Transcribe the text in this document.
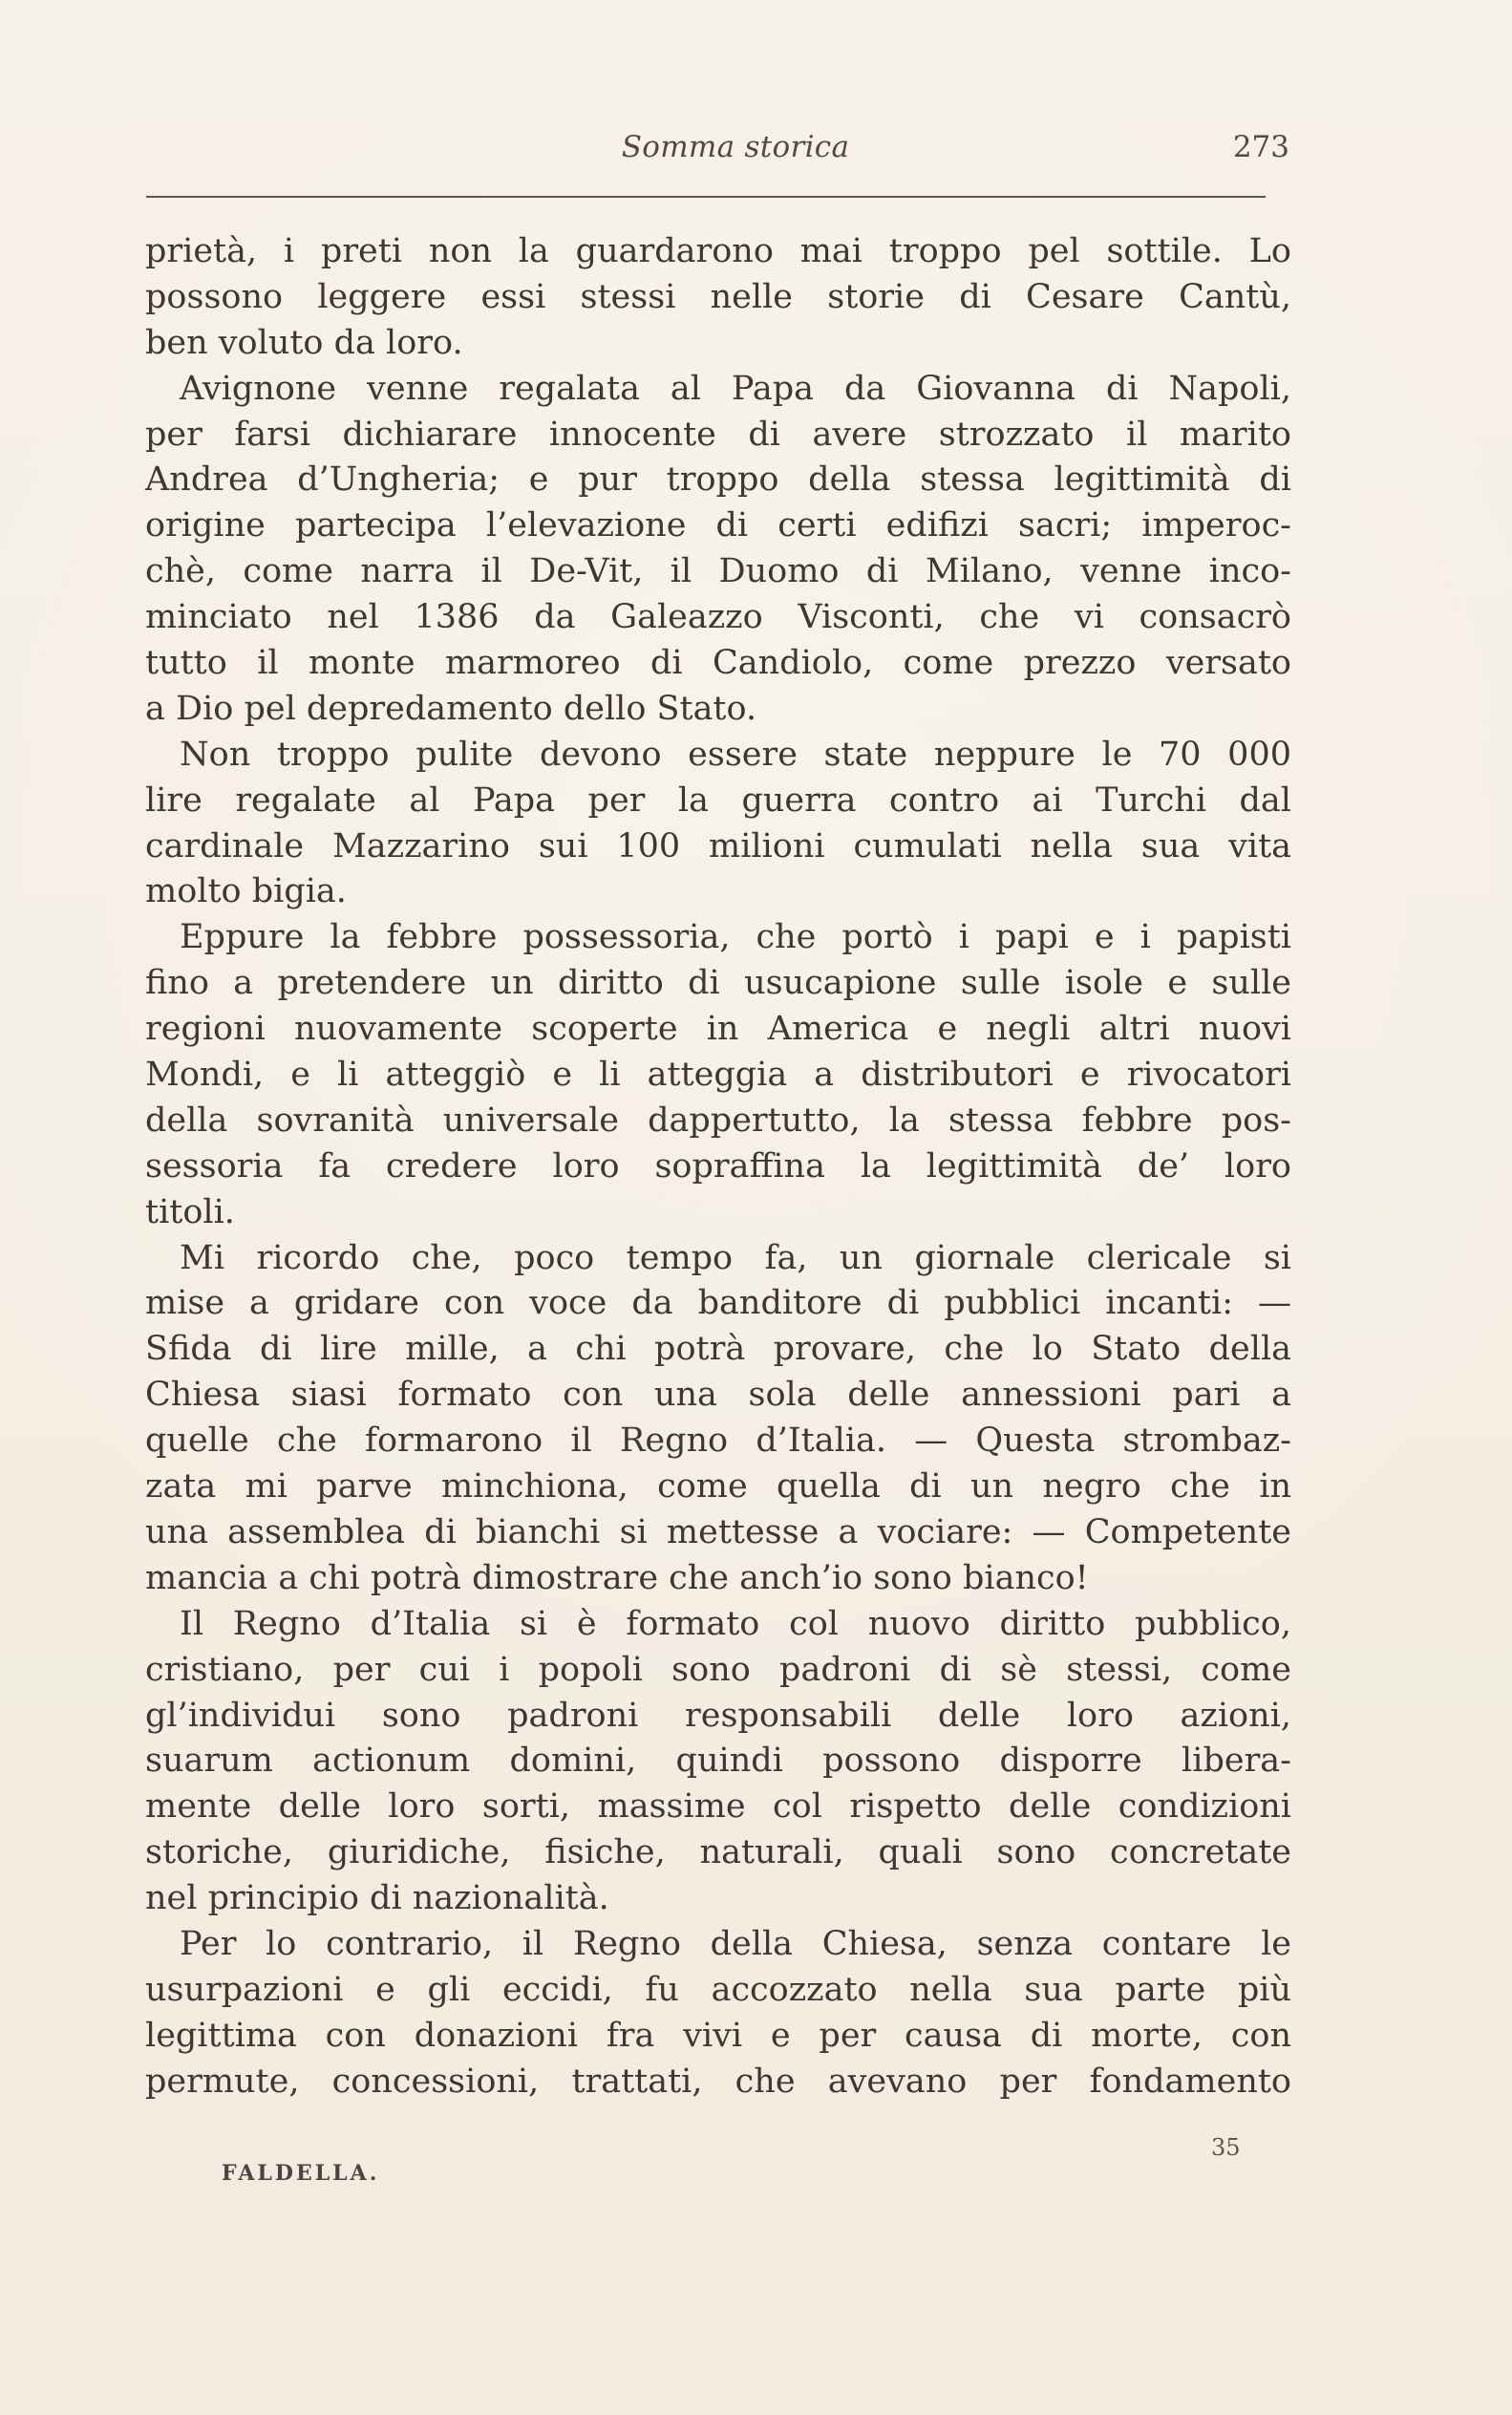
Somma storica	273
prietà, i preti non la guardarono mai troppo pel sottile. Lo
possono leggere essi stessi nelle storie di Cesare Cantù,
ben voluto da loro.
Avignone venne regalata al Papa da Giovanna di Napoli,
per farsi dichiarare innocente di avere strozzato il marito
Andrea d’Ungheria; e pur troppo della stessa legittimità di
origine partecipa l’elevazione di certi edifizi sacri; imperoc-
chè, come narra il De-Vit, il Duomo di Milano, venne inco-
minciato nel 1386 da Galeazzo Visconti, che vi consacrò
tutto il monte marmoreo di Candiolo, come prezzo versato
a Dio pel depredamento dello Stato.
Non troppo pulite devono essere state neppure le 70 000
lire regalate al Papa per la guerra contro ai Turchi dal
cardinale Mazzarino sui 100 milioni cumulati nella sua vita
molto bigia.
Eppure la febbre possessoria, che portò i papi e i papisti
fino a pretendere un diritto di usucapione sulle isole e sulle
regioni nuovamente scoperte in America e negli altri nuovi
Mondi, e li atteggiò e li atteggia a distributori e rivocatori
della sovranità universale dappertutto, la stessa febbre pos-
sessoria fa credere loro sopraffina la legittimità de’ loro
titoli.
Mi ricordo che, poco tempo fa, un giornale clericale si
mise a gridare con voce da banditore di pubblici incanti: —
Sfida di lire mille, a chi potrà provare, che lo Stato della
Chiesa siasi formato con una sola delle annessioni pari a
quelle che formarono il Regno d’Italia. — Questa strombaz-
zata mi parve minchiona, come quella di un negro che in
una assemblea di bianchi si mettesse a vociare: — Competente
mancia a chi potrà dimostrare che anch’io sono bianco!
Il Regno d’Italia si è formato col nuovo diritto pubblico,
cristiano, per cui i popoli sono padroni di sè stessi, come
gl’individui sono padroni responsabili delle loro azioni,
suarum actionum domini, quindi possono disporre libera-
mente delle loro sorti, massime col rispetto delle condizioni
storiche, giuridiche, fisiche, naturali, quali sono concretate
nel principio di nazionalità.
Per lo contrario, il Regno della Chiesa, senza contare le
usurpazioni e gli eccidi, fu accozzato nella sua parte più
legittima con donazioni fra vivi e per causa di morte, con
permute, concessioni, trattati, che avevano per fondamento
FALDELLA.
35
